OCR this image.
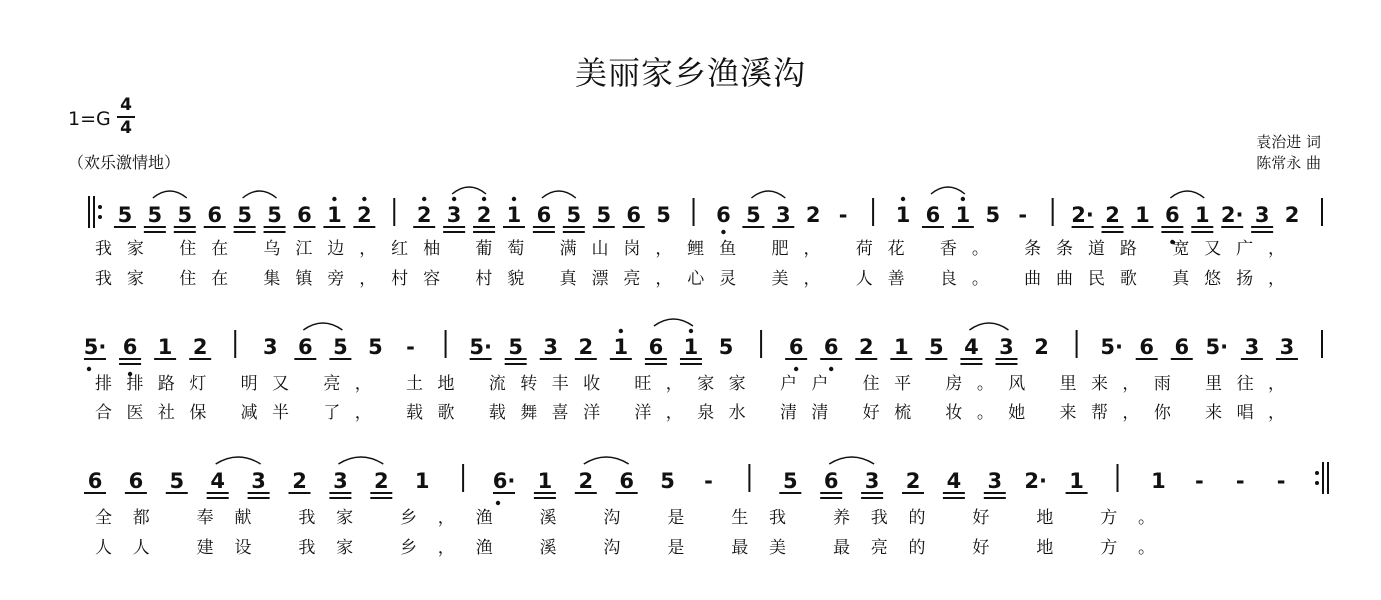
美丽家乡渔溪沟
1=G
4
4
（欢乐激情地）
袁治进 词
陈常永 曲
5 5 5 6 5 5 6 1 2 2 3 2 1 6 5 5 6 5 6 5 3 2 - 1 6 1 5 - 2· 2 1 6 1 2· 3 2
我家 住在 乌江边，红柚 葡萄 满山岗，鲤鱼 肥， 荷花 香。 条条道路 宽又广，
我家 住在 集镇旁，村容 村貌 真漂亮，心灵 美， 人善 良。 曲曲民歌 真悠扬，
5· 6 1 2	3 6 5 5 -	5· 5 3 2 1 6 1 5	6 6 2 1 5 4 3 2 5· 6 6 5· 3 3
排排路灯 明又 亮， 土地 流转丰收 旺，家家 户户 住平 房。风 里来，雨 里往，
合医社保 减半 了， 载歌 载舞喜洋 洋，泉水 清清 好梳 妆。她 来帮，你 来唱，
6 6 5 4 3 2 3 2 1	6· 1 2 6 5 -	5 6 3 2 4 3 2· 1	1 - - -
全都 奉献 我家 乡，渔 溪 沟 是 生我 养我的 好 地 方。
人人 建设 我家 乡，渔 溪 沟 是 最美 最亮的 好 地 方。
